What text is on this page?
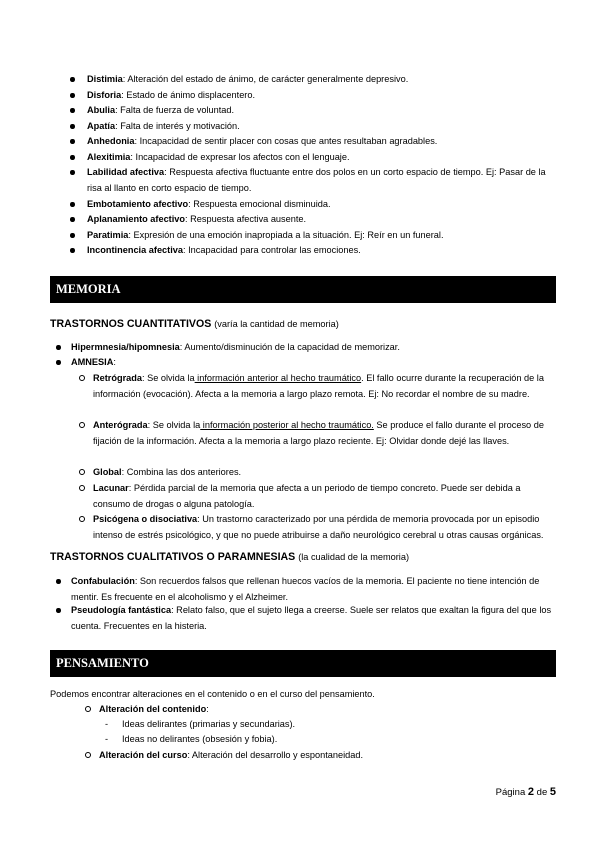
Distimia: Alteración del estado de ánimo, de carácter generalmente depresivo.
Disforia: Estado de ánimo displacentero.
Abulia: Falta de fuerza de voluntad.
Apatía: Falta de interés y motivación.
Anhedonia: Incapacidad de sentir placer con cosas que antes resultaban agradables.
Alexitimia: Incapacidad de expresar los afectos con el lenguaje.
Labilidad afectiva: Respuesta afectiva fluctuante entre dos polos en un corto espacio de tiempo. Ej: Pasar de la risa al llanto en corto espacio de tiempo.
Embotamiento afectivo: Respuesta emocional disminuida.
Aplanamiento afectivo: Respuesta afectiva ausente.
Paratimia: Expresión de una emoción inapropiada a la situación. Ej: Reír en un funeral.
Incontinencia afectiva: Incapacidad para controlar las emociones.
MEMORIA
TRASTORNOS CUANTITATIVOS (varía la cantidad de memoria)
Hipermnesia/hipomnesia: Aumento/disminución de la capacidad de memorizar.
AMNESIA:
Retrógrada: Se olvida la información anterior al hecho traumático. El fallo ocurre durante la recuperación de la información (evocación). Afecta a la memoria a largo plazo remota. Ej: No recordar el nombre de su madre.
Anterógrada: Se olvida la información posterior al hecho traumático. Se produce el fallo durante el proceso de fijación de la información. Afecta a la memoria a largo plazo reciente. Ej: Olvidar donde dejé las llaves.
Global: Combina las dos anteriores.
Lacunar: Pérdida parcial de la memoria que afecta a un periodo de tiempo concreto. Puede ser debida a consumo de drogas o alguna patología.
Psicógena o disociativa: Un trastorno caracterizado por una pérdida de memoria provocada por un episodio intenso de estrés psicológico, y que no puede atribuirse a daño neurológico cerebral u otras causas orgánicas.
TRASTORNOS CUALITATIVOS O PARAMNESIAS (la cualidad de la memoria)
Confabulación: Son recuerdos falsos que rellenan huecos vacíos de la memoria. El paciente no tiene intención de mentir. Es frecuente en el alcoholismo y el Alzheimer.
Pseudología fantástica: Relato falso, que el sujeto llega a creerse. Suele ser relatos que exaltan la figura del que los cuenta. Frecuentes en la histeria.
PENSAMIENTO
Podemos encontrar alteraciones en el contenido o en el curso del pensamiento.
Alteración del contenido:
- Ideas delirantes (primarias y secundarias).
- Ideas no delirantes (obsesión y fobia).
Alteración del curso: Alteración del desarrollo y espontaneidad.
Página 2 de 5
